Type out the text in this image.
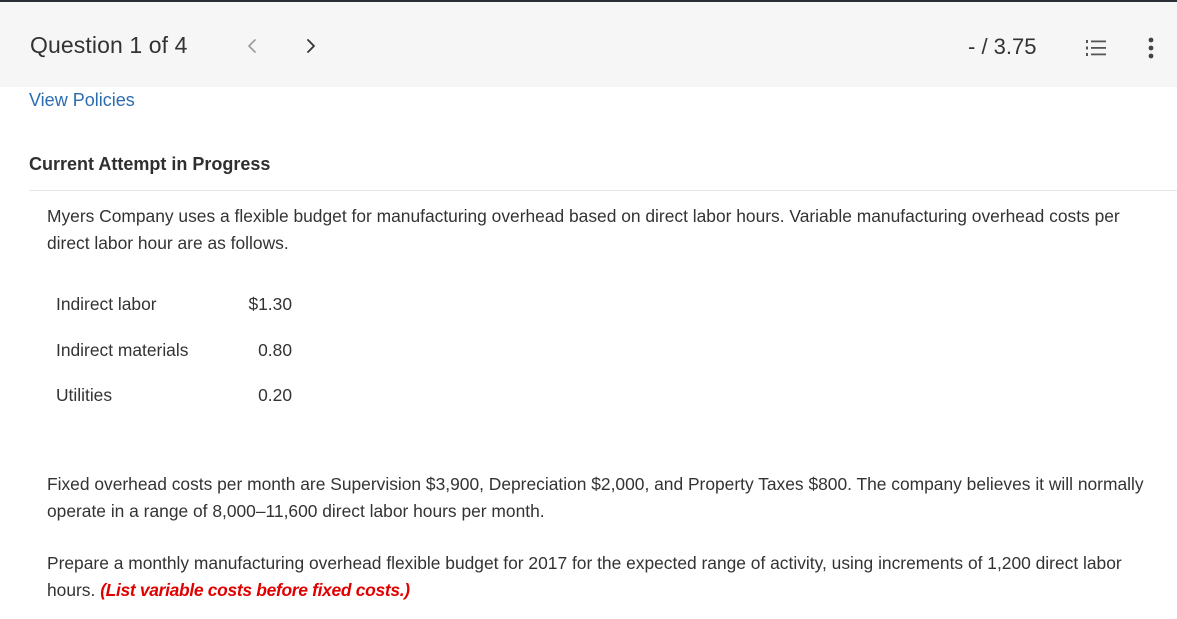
Question 1 of 4	- / 3.75
View Policies
Current Attempt in Progress
Myers Company uses a flexible budget for manufacturing overhead based on direct labor hours. Variable manufacturing overhead costs per direct labor hour are as follows.
Indirect labor	$1.30
Indirect materials	0.80
Utilities	0.20
Fixed overhead costs per month are Supervision $3,900, Depreciation $2,000, and Property Taxes $800. The company believes it will normally operate in a range of 8,000–11,600 direct labor hours per month.
Prepare a monthly manufacturing overhead flexible budget for 2017 for the expected range of activity, using increments of 1,200 direct labor hours. (List variable costs before fixed costs.)
